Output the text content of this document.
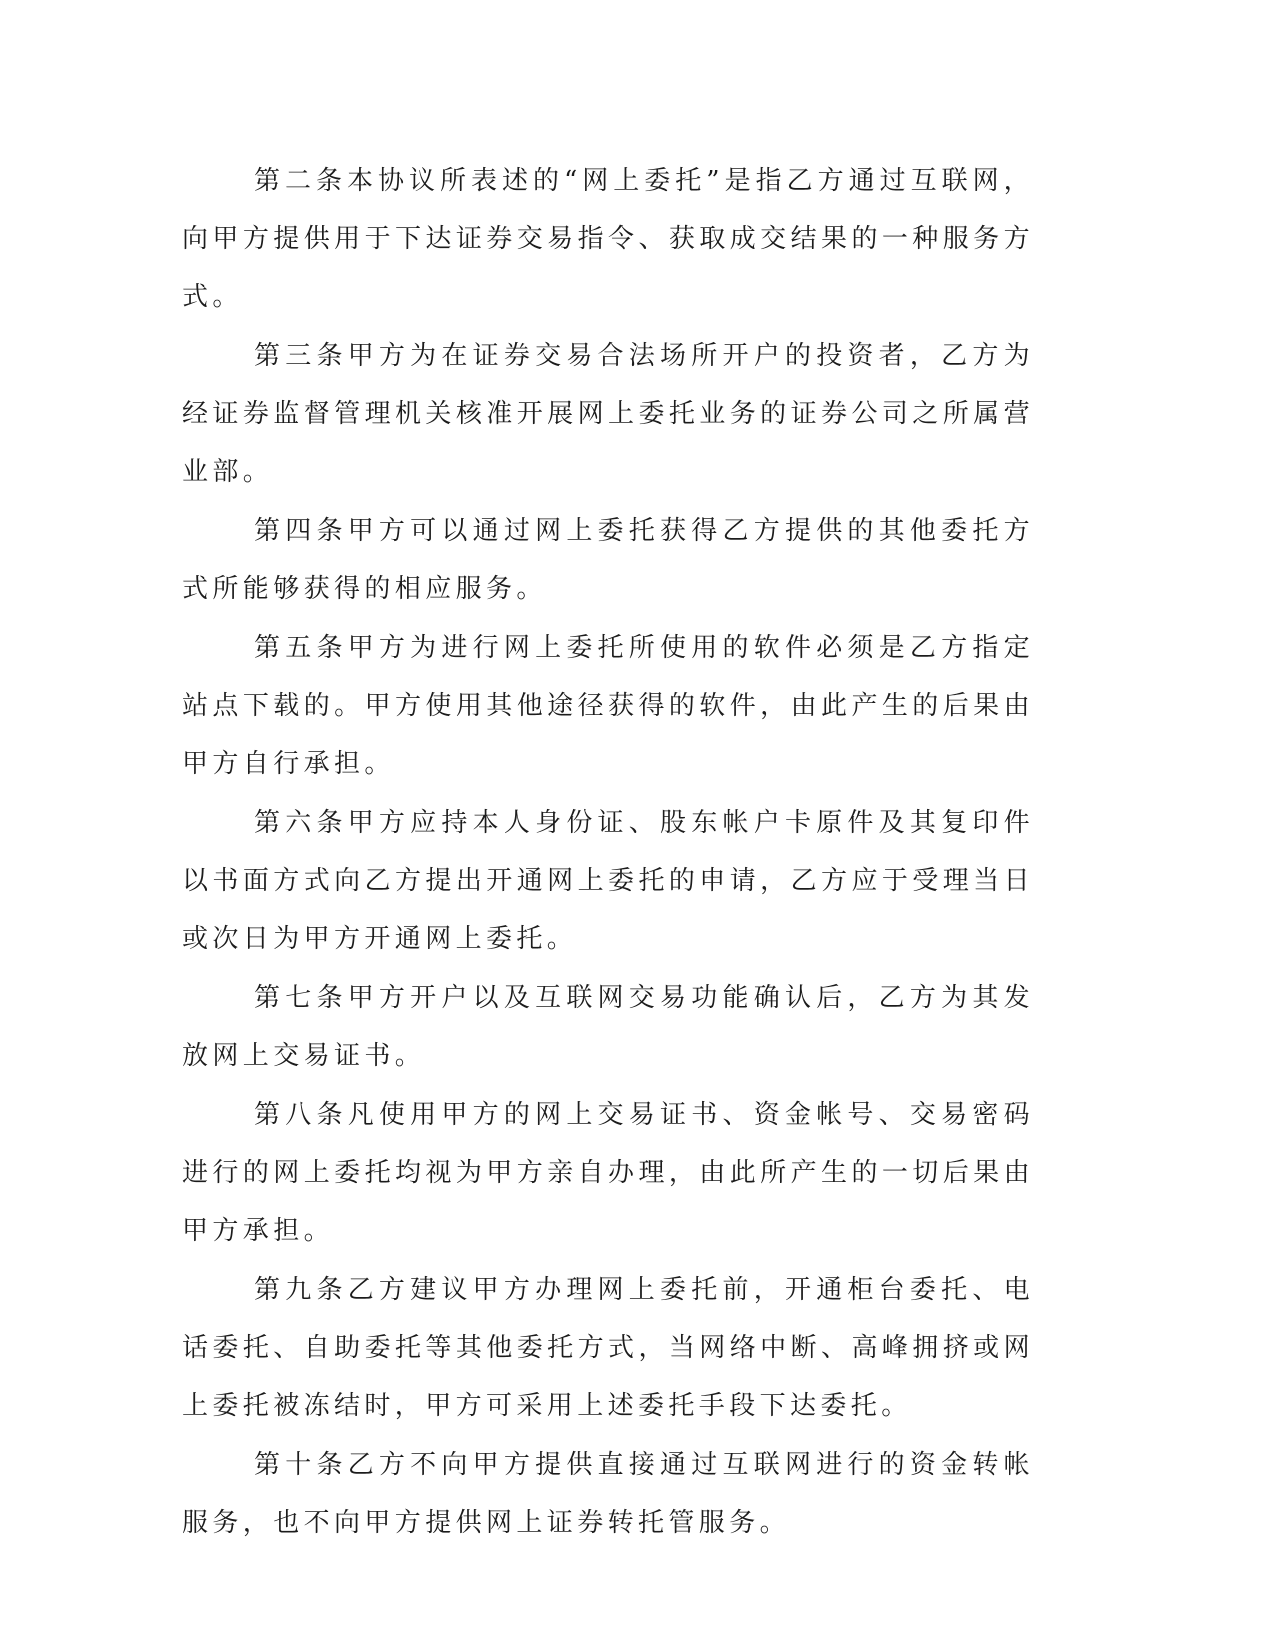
第二条本协议所表述的“网上委托”是指乙方通过互联网，向甲方提供用于下达证券交易指令、获取成交结果的一种服务方式。

第三条甲方为在证券交易合法场所开户的投资者，乙方为经证券监督管理机关核准开展网上委托业务的证券公司之所属营业部。

第四条甲方可以通过网上委托获得乙方提供的其他委托方式所能够获得的相应服务。

第五条甲方为进行网上委托所使用的软件必须是乙方指定站点下载的。甲方使用其他途径获得的软件，由此产生的后果由甲方自行承担。

第六条甲方应持本人身份证、股东帐户卡原件及其复印件以书面方式向乙方提出开通网上委托的申请，乙方应于受理当日或次日为甲方开通网上委托。

第七条甲方开户以及互联网交易功能确认后，乙方为其发放网上交易证书。

第八条凡使用甲方的网上交易证书、资金帐号、交易密码进行的网上委托均视为甲方亲自办理，由此所产生的一切后果由甲方承担。

第九条乙方建议甲方办理网上委托前，开通柜台委托、电话委托、自助委托等其他委托方式，当网络中断、高峰拥挤或网上委托被冻结时，甲方可采用上述委托手段下达委托。

第十条乙方不向甲方提供直接通过互联网进行的资金转帐服务，也不向甲方提供网上证券转托管服务。
